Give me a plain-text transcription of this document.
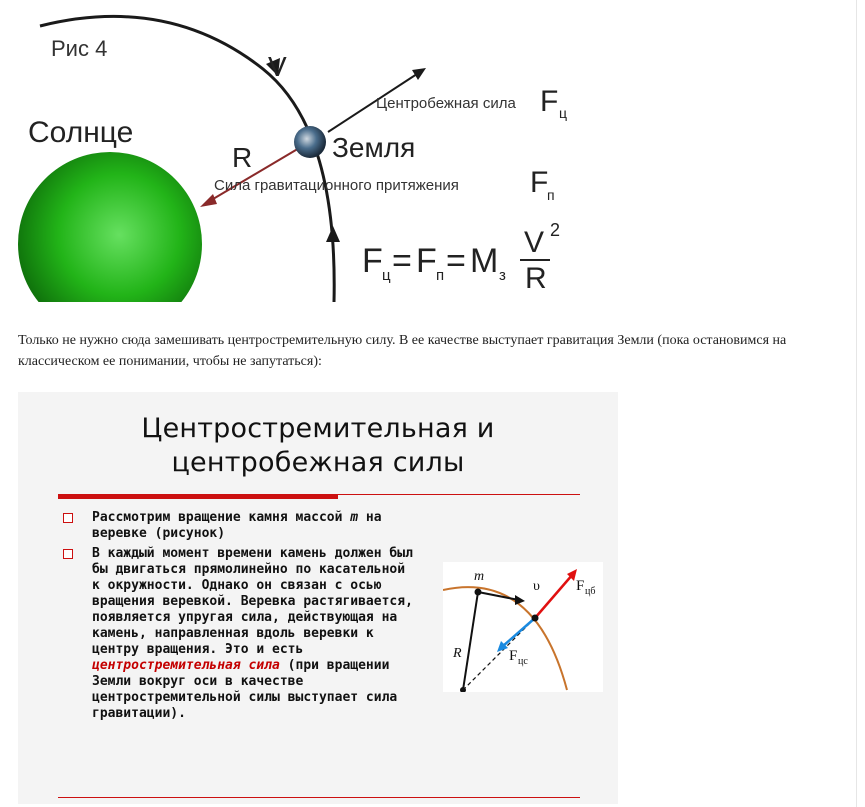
Рис 4
Солнце
V
Земля
R
Центробежная сила F ц
Сила гравитационного притяжения F
п
F ц = F п = M з
V 2
R
Только не нужно сюда замешивать центростремительную силу. В ее качестве выступает гравитация Земли (пока остановимся на классическом ее понимании, чтобы не запутаться):
Центростремительная и
центробежная силы
Рассмотрим вращение камня массой m на веревке (рисунок)
В каждый момент времени камень должен был бы двигаться прямолинейно по касательной к окружности. Однако он связан с осью вращения веревкой. Веревка растягивается, появляется упругая сила, действующая на камень, направленная вдоль веревки к центру вращения. Это и есть центростремительная сила (при вращении Земли вокруг оси в качестве центростремительной силы выступает сила гравитации).
m
υ
R
F цб
F цс
